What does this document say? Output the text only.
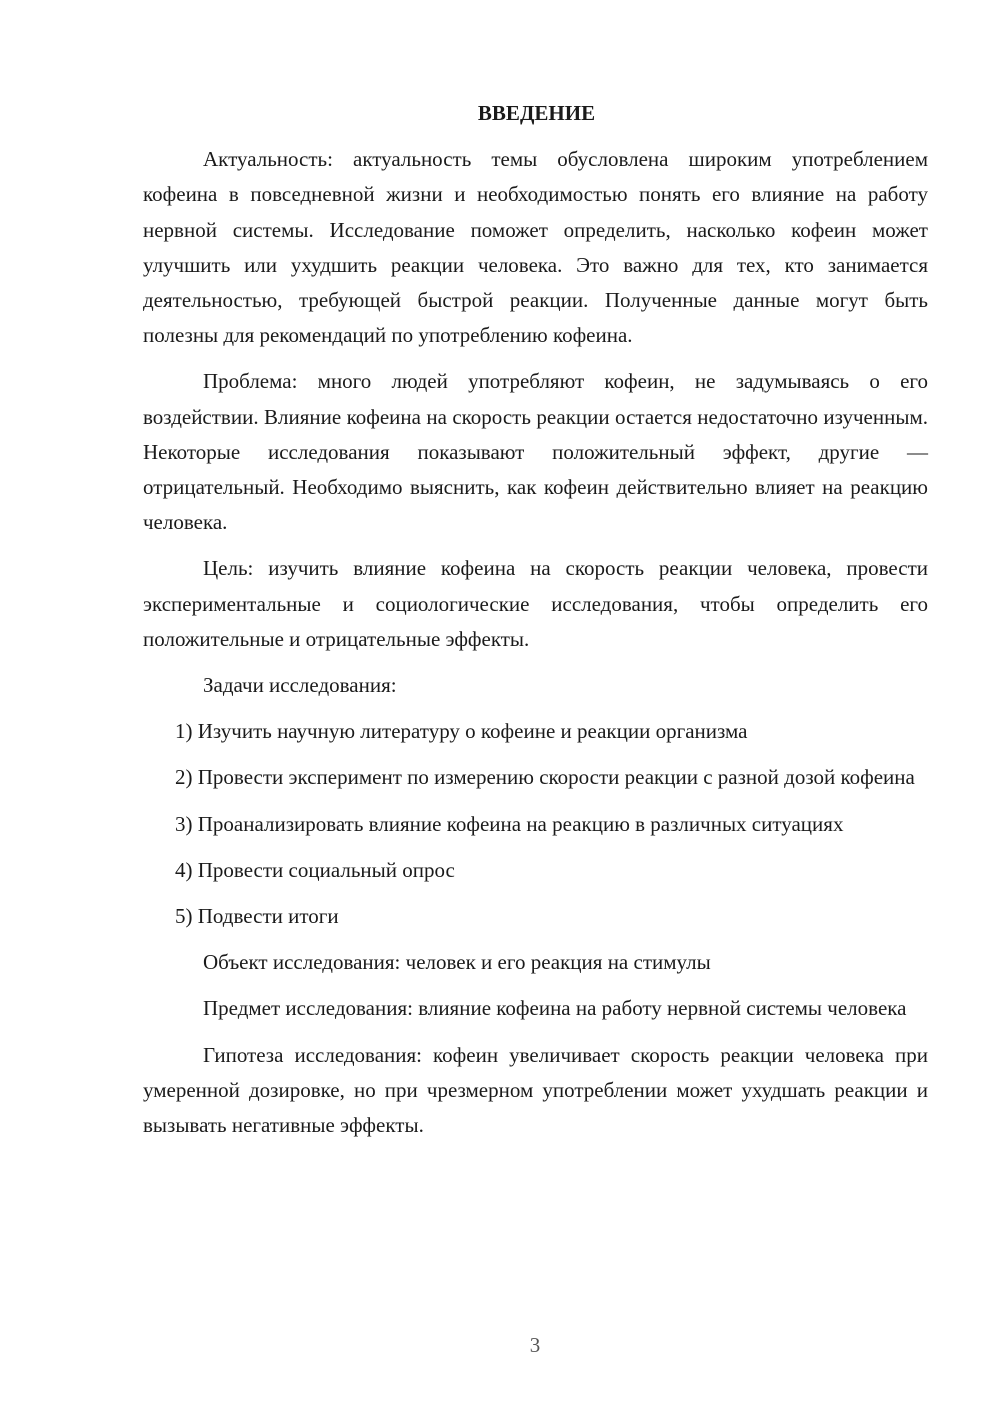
ВВЕДЕНИЕ

Актуальность: актуальность темы обусловлена широким употреблением кофеина в повседневной жизни и необходимостью понять его влияние на работу нервной системы. Исследование поможет определить, насколько кофеин может улучшить или ухудшить реакции человека. Это важно для тех, кто занимается деятельностью, требующей быстрой реакции. Полученные данные могут быть полезны для рекомендаций по употреблению кофеина.

Проблема: много людей употребляют кофеин, не задумываясь о его воздействии. Влияние кофеина на скорость реакции остается недостаточно изученным. Некоторые исследования показывают положительный эффект, другие — отрицательный. Необходимо выяснить, как кофеин действительно влияет на реакцию человека.

Цель: изучить влияние кофеина на скорость реакции человека, провести экспериментальные и социологические исследования, чтобы определить его положительные и отрицательные эффекты.

Задачи исследования:

1) Изучить научную литературу о кофеине и реакции организма

2) Провести эксперимент по измерению скорости реакции с разной дозой кофеина

3) Проанализировать влияние кофеина на реакцию в различных ситуациях

4) Провести социальный опрос

5) Подвести итоги

Объект исследования: человек и его реакция на стимулы

Предмет исследования: влияние кофеина на работу нервной системы человека

Гипотеза исследования: кофеин увеличивает скорость реакции человека при умеренной дозировке, но при чрезмерном употреблении может ухудшать реакции и вызывать негативные эффекты.

3
